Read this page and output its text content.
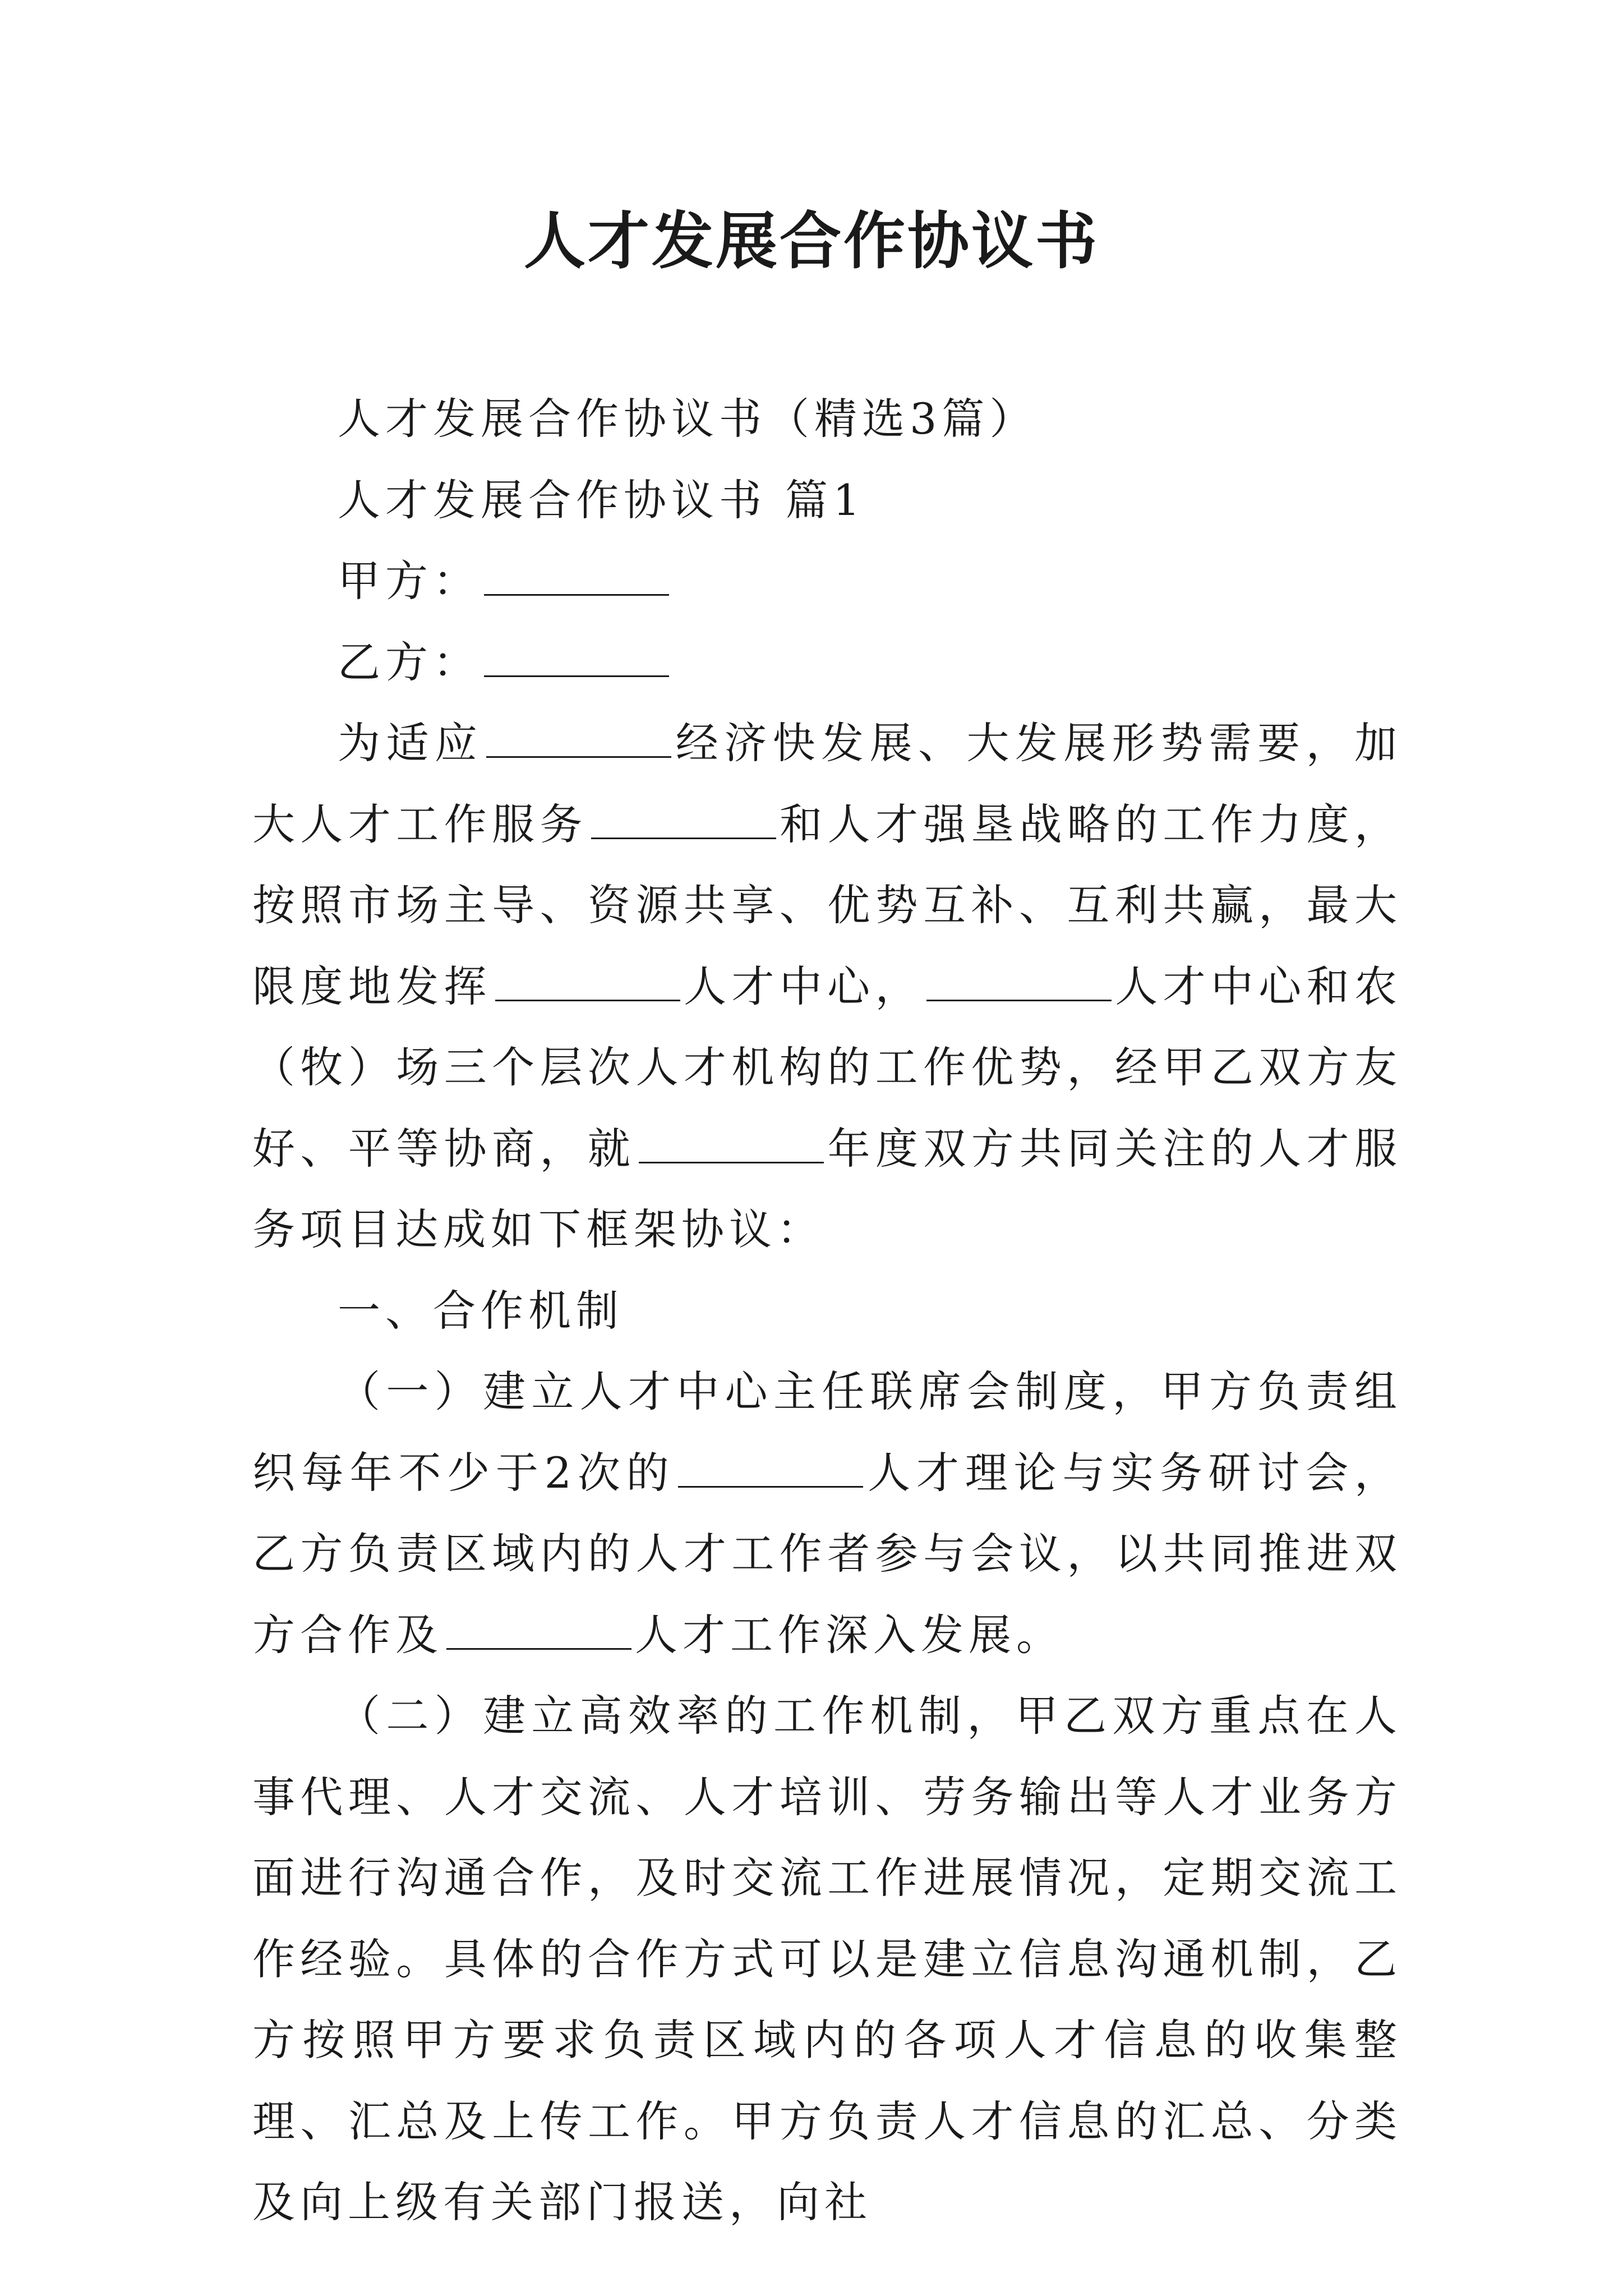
人才发展合作协议书

人才发展合作协议书（精选3篇）

人才发展合作协议书 篇1

甲方：

乙方：

为适应	经济快发展、大发展形势需要，加大人才工作服务	和人才强垦战略的工作力度，按照市场主导、资源共享、优势互补、互利共赢，最大限度地发挥	人才中心，	人才中心和农（牧）场三个层次人才机构的工作优势，经甲乙双方友好、平等协商，就	年度双方共同关注的人才服务项目达成如下框架协议：

一、合作机制

（一）建立人才中心主任联席会制度，甲方负责组织每年不少于2次的	人才理论与实务研讨会，乙方负责区域内的人才工作者参与会议，以共同推进双方合作及	人才工作深入发展。

（二）建立高效率的工作机制，甲乙双方重点在人事代理、人才交流、人才培训、劳务输出等人才业务方面进行沟通合作，及时交流工作进展情况，定期交流工作经验。具体的合作方式可以是建立信息沟通机制，乙方按照甲方要求负责区域内的各项人才信息的收集整理、汇总及上传工作。甲方负责人才信息的汇总、分类及向上级有关部门报送，向社
